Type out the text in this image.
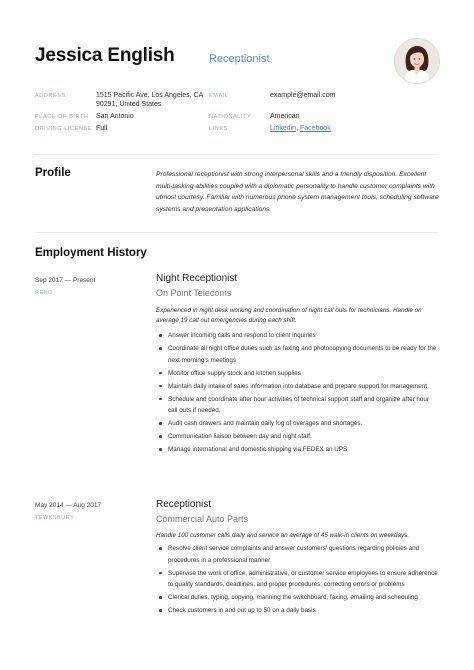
Jessica English	Receptionist
ADDRESS	1515 Pacific Ave, Los Angeles, CA
90291, United States
EMAIL	example@email.com
PLACE OF BIRTH San Antonio	NATIONALITY	American
DRIVING LICENSE Full	LINKS	Linkedin, Facebook
Profile	Professional receptionist with strong interpersonal skills and a friendly disposition. Excellent multi-tasking abilities coupled with a diplomatic personality to handle customer complaints with utmost courtesy. Familiar with numerous phone system management tools, scheduling software systems and presentation applications.
Employment History
Sep 2017 — Present
RENO
Night Receptionist
On Point Telecoms
Experienced in night desk working and coordination of night call outs for technicians. Handle on average 19 call out emergencies during each shift.
Answer incoming calls and respond to client inquiries
Coordinate all night office duties such as faxing and photocopying documents to be ready for the next morning's meetings
Monitor office supply stock and kitchen supplies
Maintain daily intake of sales information into database and prepare support for management
Schedule and coordinate after hour activities of technical support staff and organize after hour call outs if needed.
Audit cash drawers and maintain daily log of overages and shortages.
Communication liaison between day and night staff.
Manage international and domestic shipping via FEDEX an UPS
May 2014 — Aug 2017
TEWKSBURY
Receptionist
Commercial Auto Parts
Handle 100 customer calls daily and service an average of 45 walk-in clients on weekdays.
Resolve client service complaints and answer customers' questions regarding policies and procedures in a professional manner
Supervise the work of office, administrative, or customer service employees to ensure adherence to quality standards, deadlines, and proper procedures, correcting errors or problems
Clerical duties, typing, copying, manning the switchboard, faxing, emailing and scheduling
Check customers in and out up to 50 on a daily basis
